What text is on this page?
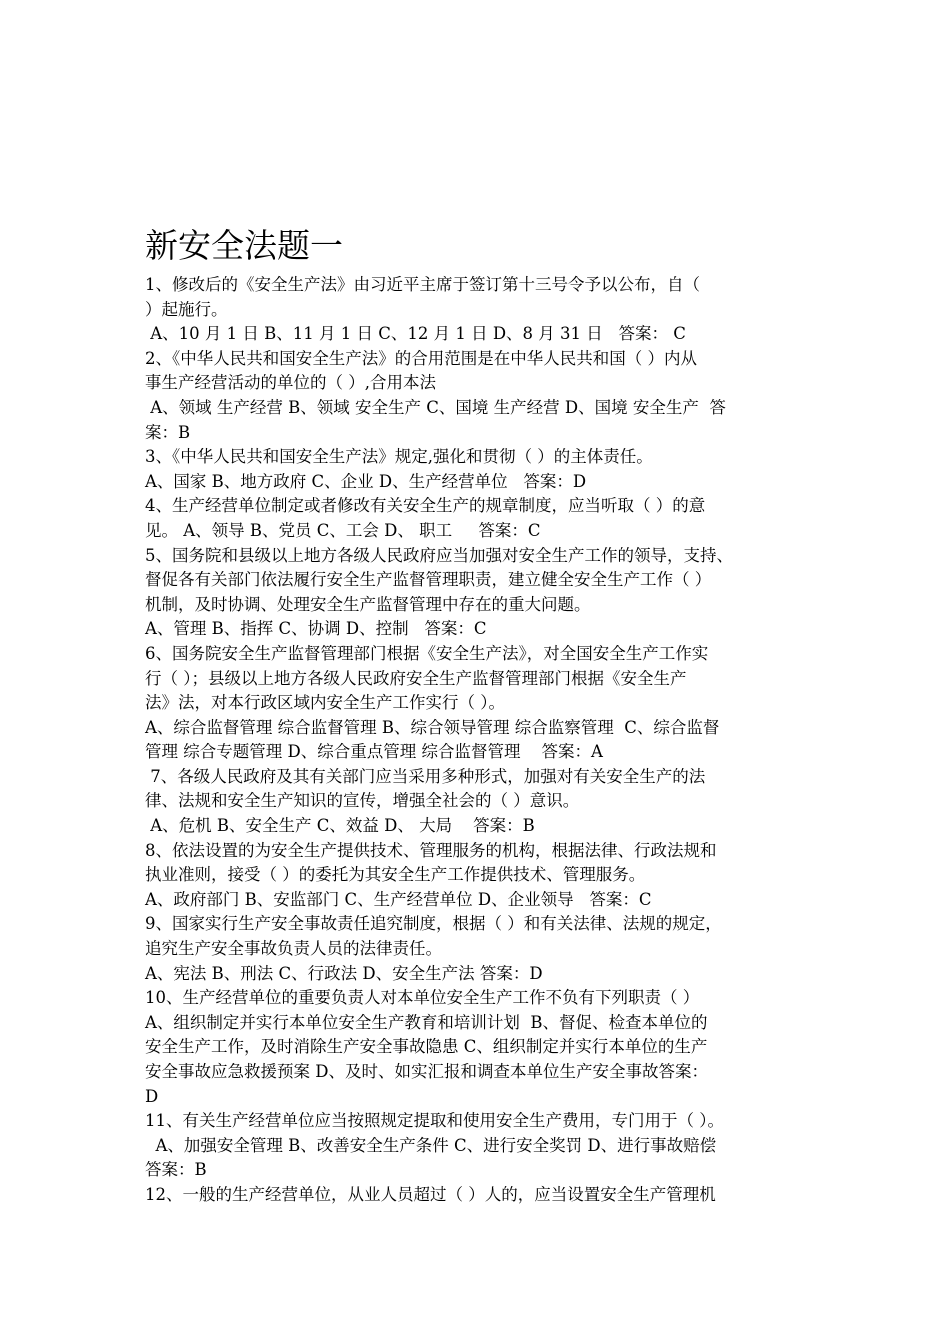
新安全法题一
1、修改后的《安全生产法》由习近平主席于签订第十三号令予以公布，自（
）起施行。
A、10 月 1 日 B、11 月 1 日 C、12 月 1 日 D、8 月 31 日   答案： C
2、《中华人民共和国安全生产法》的合用范围是在中华人民共和国（ ）内从
事生产经营活动的单位的（ ）,合用本法
A、领域 生产经营 B、领域 安全生产 C、国境 生产经营 D、国境 安全生产  答
案：B
3、《中华人民共和国安全生产法》规定,强化和贯彻（ ）的主体责任。
A、国家 B、地方政府 C、企业 D、生产经营单位   答案：D
4、生产经营单位制定或者修改有关安全生产的规章制度，应当听取（ ）的意
见。 A、领导 B、党员 C、工会 D、 职工     答案：C
5、国务院和县级以上地方各级人民政府应当加强对安全生产工作的领导，支持、
督促各有关部门依法履行安全生产监督管理职责，建立健全安全生产工作（ ）
机制，及时协调、处理安全生产监督管理中存在的重大问题。
A、管理 B、指挥 C、协调 D、控制   答案：C
6、国务院安全生产监督管理部门根据《安全生产法》，对全国安全生产工作实
行（ ）；县级以上地方各级人民政府安全生产监督管理部门根据《安全生产
法》法，对本行政区域内安全生产工作实行（ ）。
A、综合监督管理 综合监督管理 B、综合领导管理 综合监察管理  C、综合监督
管理 综合专题管理 D、综合重点管理 综合监督管理    答案：A
7、各级人民政府及其有关部门应当采用多种形式，加强对有关安全生产的法
律、法规和安全生产知识的宣传，增强全社会的（ ）意识。
A、危机 B、安全生产 C、效益 D、 大局    答案：B
8、依法设置的为安全生产提供技术、管理服务的机构，根据法律、行政法规和
执业准则，接受（ ）的委托为其安全生产工作提供技术、管理服务。
A、政府部门 B、安监部门 C、生产经营单位 D、企业领导   答案：C
9、国家实行生产安全事故责任追究制度，根据（ ）和有关法律、法规的规定，
追究生产安全事故负责人员的法律责任。
A、宪法 B、刑法 C、行政法 D、安全生产法 答案：D
10、生产经营单位的重要负责人对本单位安全生产工作不负有下列职责（ ）
A、组织制定并实行本单位安全生产教育和培训计划  B、督促、检查本单位的
安全生产工作，及时消除生产安全事故隐患 C、组织制定并实行本单位的生产
安全事故应急救援预案 D、及时、如实汇报和调查本单位生产安全事故答案：
D
11、有关生产经营单位应当按照规定提取和使用安全生产费用，专门用于（ ）。
A、加强安全管理 B、改善安全生产条件 C、进行安全奖罚 D、进行事故赔偿
答案：B
12、一般的生产经营单位，从业人员超过（ ）人的，应当设置安全生产管理机
